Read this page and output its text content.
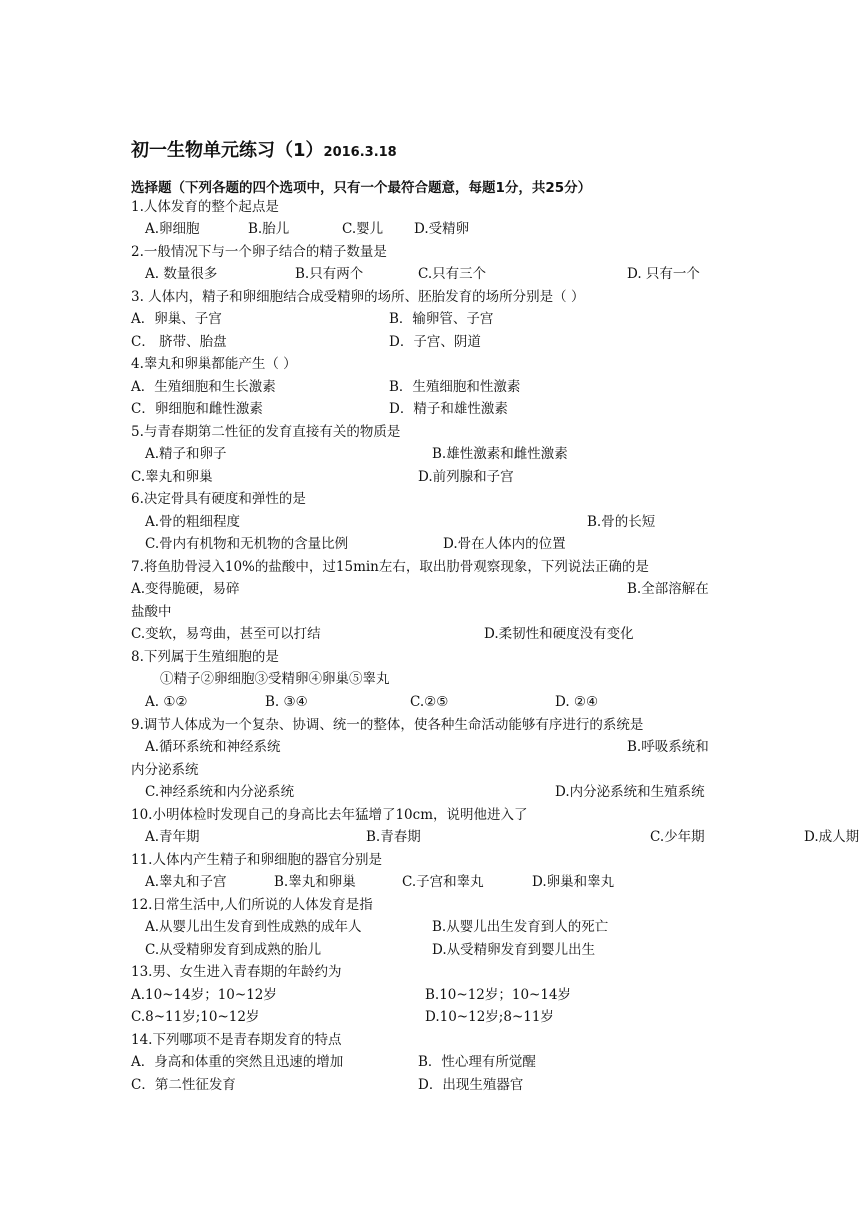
初一生物单元练习（1）2016.3.18
选择题（下列各题的四个选项中，只有一个最符合题意，每题1分，共25分）
1.人体发育的整个起点是
A.卵细胞	B.胎儿	C.婴儿 D.受精卵
2.一般情况下与一个卵子结合的精子数量是
A. 数量很多	B.只有两个	C.只有三个	D. 只有一个
3. 人体内，精子和卵细胞结合成受精卵的场所、胚胎发育的场所分别是（ ）
A．卵巢、子宫	B．输卵管、子宫
C． 脐带、胎盘	D．子宫、阴道
4.睾丸和卵巢都能产生（ ）
A．生殖细胞和生长激素	B．生殖细胞和性激素
C．卵细胞和雌性激素	D．精子和雄性激素
5.与青春期第二性征的发育直接有关的物质是
A.精子和卵子	B.雄性激素和雌性激素
C.睾丸和卵巢	D.前列腺和子宫
6.决定骨具有硬度和弹性的是
A.骨的粗细程度	B.骨的长短
C.骨内有机物和无机物的含量比例	D.骨在人体内的位置
7.将鱼肋骨浸入10%的盐酸中，过15min左右，取出肋骨观察现象，下列说法正确的是
A.变得脆硬，易碎	B.全部溶解在
盐酸中
C.变软，易弯曲，甚至可以打结	D.柔韧性和硬度没有变化
8.下列属于生殖细胞的是
①精子②卵细胞③受精卵④卵巢⑤睾丸
A. ①②	B. ③④	C.②⑤	D. ②④
9.调节人体成为一个复杂、协调、统一的整体，使各种生命活动能够有序进行的系统是
A.循环系统和神经系统	B.呼吸系统和
内分泌系统
C.神经系统和内分泌系统	D.内分泌系统和生殖系统
10.小明体检时发现自己的身高比去年猛增了10cm，说明他进入了
A.青年期	B.青春期	C.少年期	D.成人期
11.人体内产生精子和卵细胞的器官分别是
A.睾丸和子宫	B.睾丸和卵巢	C.子宫和睾丸	D.卵巢和睾丸
12.日常生活中,人们所说的人体发育是指
A.从婴儿出生发育到性成熟的成年人	B.从婴儿出生发育到人的死亡
C.从受精卵发育到成熟的胎儿	D.从受精卵发育到婴儿出生
13.男、女生进入青春期的年龄约为
A.10~14岁；10~12岁	B.10~12岁；10~14岁
C.8~11岁;10~12岁	D.10~12岁;8~11岁
14.下列哪项不是青春期发育的特点
A．身高和体重的突然且迅速的增加	B．性心理有所觉醒
C．第二性征发育	D．出现生殖器官
